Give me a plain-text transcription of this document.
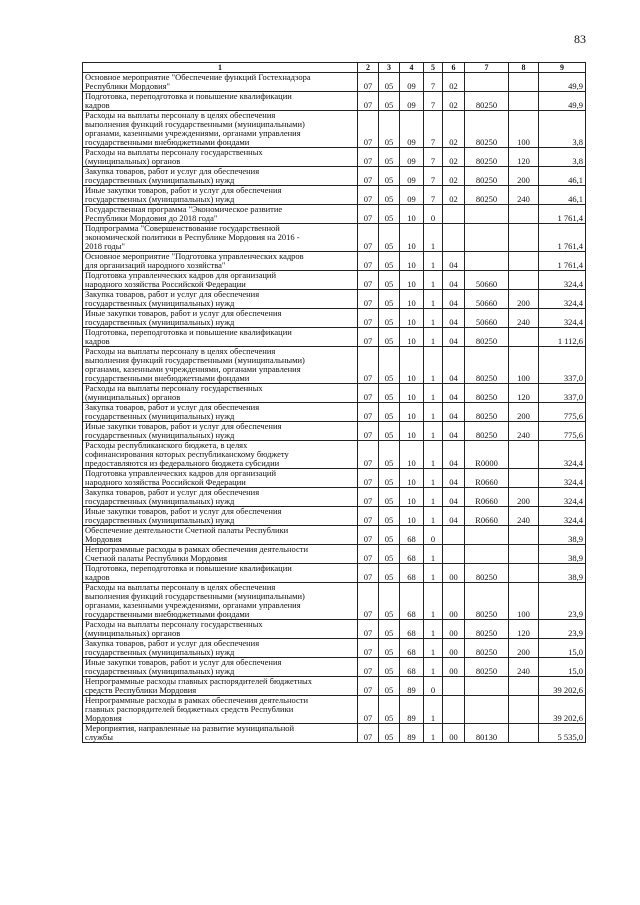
83
1	2	3	4	5	6	7	8	9
Основное мероприятие "Обеспечение функций Гостехнадзора
Республики Мордовия"	07	05	09	7	02			49,9
Подготовка, переподготовка и повышение квалификации
кадров	07	05	09	7	02	80250		49,9
Расходы на выплаты персоналу в целях обеспечения
выполнения функций государственными (муниципальными)
органами, казенными учреждениями, органами управления
государственными внебюджетными фондами	07	05	09	7	02	80250	100	3,8
Расходы на выплаты персоналу государственных
(муниципальных) органов	07	05	09	7	02	80250	120	3,8
Закупка товаров, работ и услуг для обеспечения
государственных (муниципальных) нужд	07	05	09	7	02	80250	200	46,1
Иные закупки товаров, работ и услуг для обеспечения
государственных (муниципальных) нужд	07	05	09	7	02	80250	240	46,1
Государственная программа "Экономическое развитие
Республики Мордовия до 2018 года"	07	05	10	0				1 761,4
Подпрограмма "Совершенствование государственной
экономической политики в Республике Мордовия на 2016 -
2018 годы"	07	05	10	1				1 761,4
Основное мероприятие "Подготовка управленческих кадров
для организаций народного хозяйства"	07	05	10	1	04			1 761,4
Подготовка управленческих кадров для организаций
народного хозяйства Российской Федерации	07	05	10	1	04	50660		324,4
Закупка товаров, работ и услуг для обеспечения
государственных (муниципальных) нужд	07	05	10	1	04	50660	200	324,4
Иные закупки товаров, работ и услуг для обеспечения
государственных (муниципальных) нужд	07	05	10	1	04	50660	240	324,4
Подготовка, переподготовка и повышение квалификации
кадров	07	05	10	1	04	80250		1 112,6
Расходы на выплаты персоналу в целях обеспечения
выполнения функций государственными (муниципальными)
органами, казенными учреждениями, органами управления
государственными внебюджетными фондами	07	05	10	1	04	80250	100	337,0
Расходы на выплаты персоналу государственных
(муниципальных) органов	07	05	10	1	04	80250	120	337,0
Закупка товаров, работ и услуг для обеспечения
государственных (муниципальных) нужд	07	05	10	1	04	80250	200	775,6
Иные закупки товаров, работ и услуг для обеспечения
государственных (муниципальных) нужд	07	05	10	1	04	80250	240	775,6
Расходы республиканского бюджета, в целях
софинансирования которых республиканскому бюджету
предоставляются из федерального бюджета субсидии	07	05	10	1	04	R0000		324,4
Подготовка управленческих кадров для организаций
народного хозяйства Российской Федерации	07	05	10	1	04	R0660		324,4
Закупка товаров, работ и услуг для обеспечения
государственных (муниципальных) нужд	07	05	10	1	04	R0660	200	324,4
Иные закупки товаров, работ и услуг для обеспечения
государственных (муниципальных) нужд	07	05	10	1	04	R0660	240	324,4
Обеспечение деятельности Счетной палаты Республики
Мордовия	07	05	68	0				38,9
Непрограммные расходы в рамках обеспечения деятельности
Счетной палаты Республики Мордовия	07	05	68	1				38,9
Подготовка, переподготовка и повышение квалификации
кадров	07	05	68	1	00	80250		38,9
Расходы на выплаты персоналу в целях обеспечения
выполнения функций государственными (муниципальными)
органами, казенными учреждениями, органами управления
государственными внебюджетными фондами	07	05	68	1	00	80250	100	23,9
Расходы на выплаты персоналу государственных
(муниципальных) органов	07	05	68	1	00	80250	120	23,9
Закупка товаров, работ и услуг для обеспечения
государственных (муниципальных) нужд	07	05	68	1	00	80250	200	15,0
Иные закупки товаров, работ и услуг для обеспечения
государственных (муниципальных) нужд	07	05	68	1	00	80250	240	15,0
Непрограммные расходы главных распорядителей бюджетных
средств Республики Мордовия	07	05	89	0				39 202,6
Непрограммные расходы в рамках обеспечения деятельности
главных распорядителей бюджетных средств Республики
Мордовия	07	05	89	1				39 202,6
Мероприятия, направленные на развитие муниципальной
службы	07	05	89	1	00	80130		5 535,0
